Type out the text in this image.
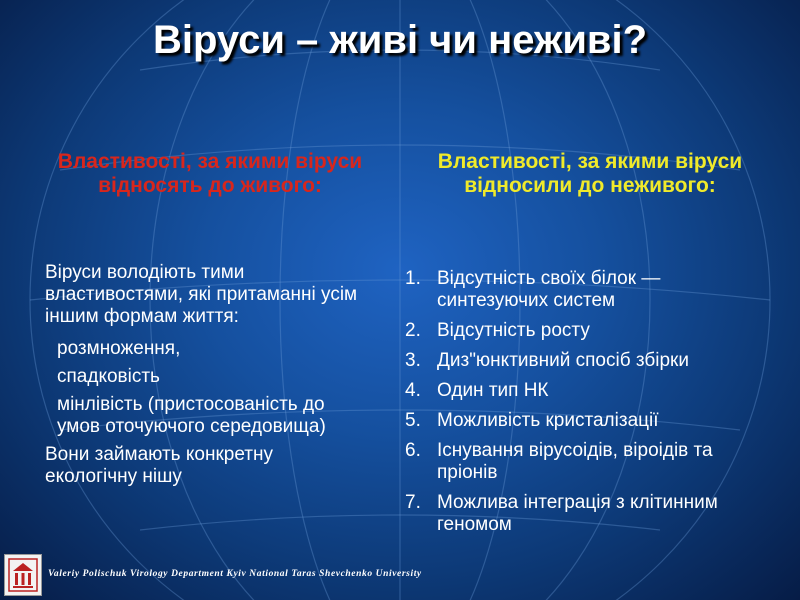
Віруси – живі чи неживі?
Властивості, за якими віруси відносять до живого:

Віруси володіють тими властивостями, які притаманні усім іншим формам життя:

розмноження,

спадковість

мінлівість (пристосованість до умов оточуючого середовища)

Вони займають конкретну екологічну нішу

Властивості, за якими віруси відносили до неживого:
1. Відсутність своїх білок — синтезуючих систем
2. Відсутність росту
3. Диз"юнктивний спосіб збірки
4. Один тип НК
5. Можливість кристалізації
6. Існування вірусоідів, віроідів та пріонів
7. Можлива інтеграція з клітинним геномом
Valeriy Polischuk Virology Department Kyiv National Taras Shevchenko University
